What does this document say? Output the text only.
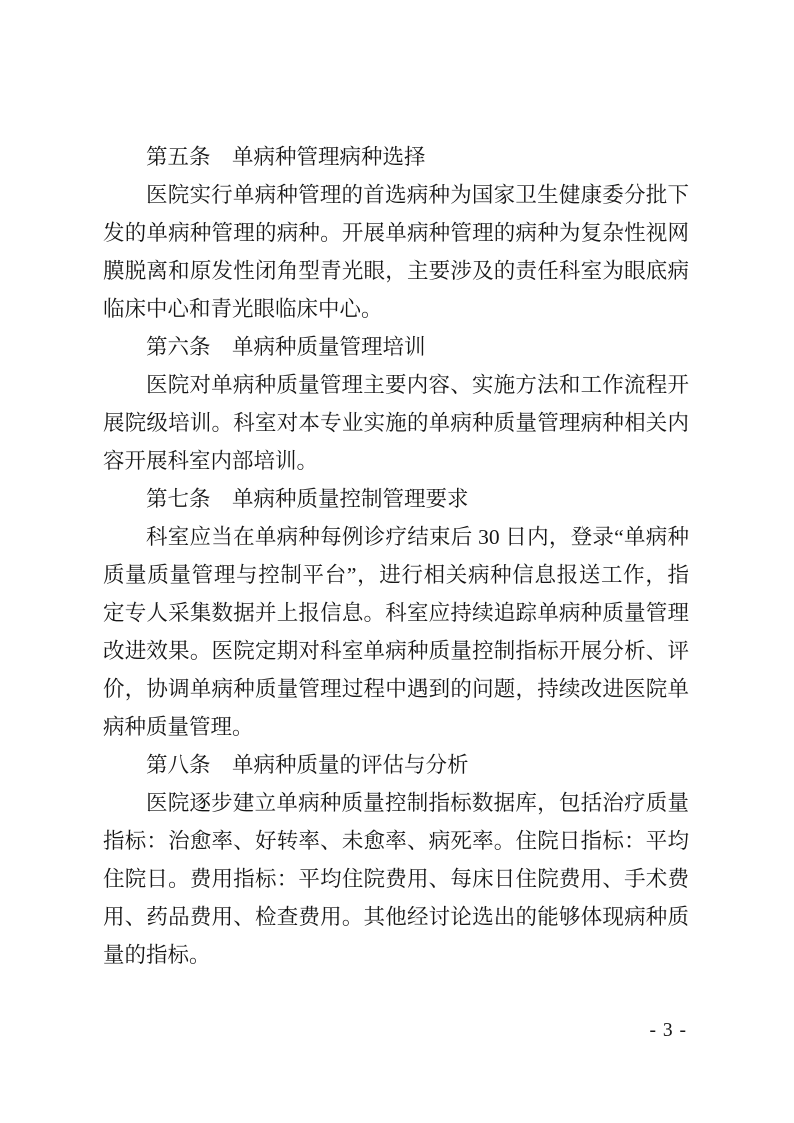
第五条　单病种管理病种选择

医院实行单病种管理的首选病种为国家卫生健康委分批下发的单病种管理的病种。开展单病种管理的病种为复杂性视网膜脱离和原发性闭角型青光眼，主要涉及的责任科室为眼底病临床中心和青光眼临床中心。

第六条　单病种质量管理培训

医院对单病种质量管理主要内容、实施方法和工作流程开展院级培训。科室对本专业实施的单病种质量管理病种相关内容开展科室内部培训。

第七条　单病种质量控制管理要求

科室应当在单病种每例诊疗结束后 30 日内，登录“单病种质量质量管理与控制平台”，进行相关病种信息报送工作，指定专人采集数据并上报信息。科室应持续追踪单病种质量管理改进效果。医院定期对科室单病种质量控制指标开展分析、评价，协调单病种质量管理过程中遇到的问题，持续改进医院单病种质量管理。

第八条　单病种质量的评估与分析

医院逐步建立单病种质量控制指标数据库，包括治疗质量指标：治愈率、好转率、未愈率、病死率。住院日指标：平均住院日。费用指标：平均住院费用、每床日住院费用、手术费用、药品费用、检查费用。其他经讨论选出的能够体现病种质量的指标。

- 3 -
